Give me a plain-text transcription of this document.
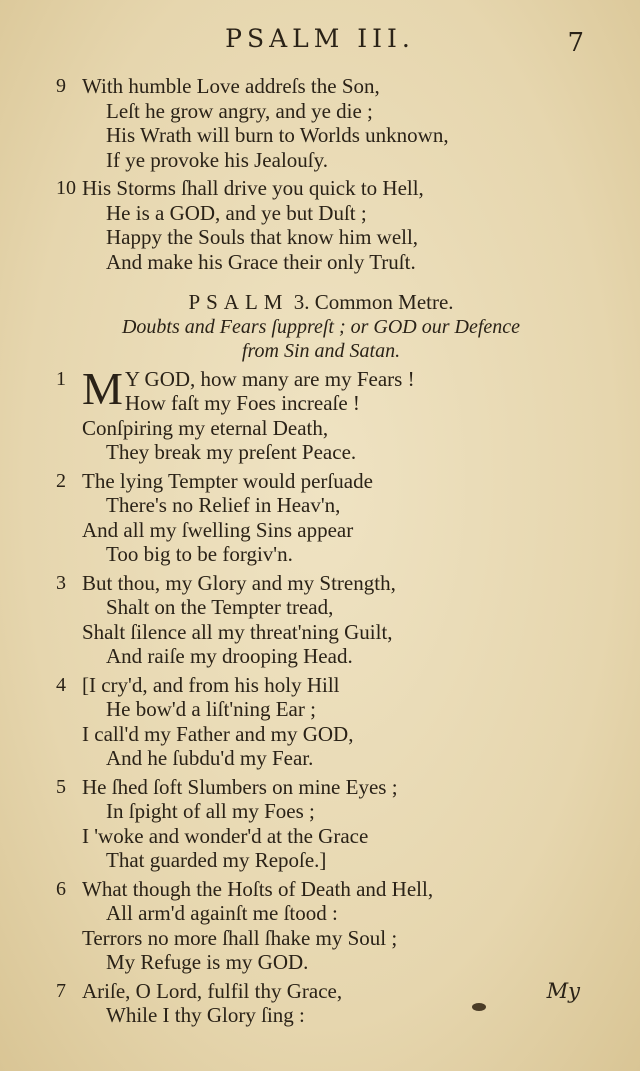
PSALM III.	7
9 With humble Love addreſs the Son,
Leſt he grow angry, and ye die ;
His Wrath will burn to Worlds unknown,
If ye provoke his Jealouſy.
10 His Storms ſhall drive you quick to Hell,
He is a GOD, and ye but Duſt ;
Happy the Souls that know him well,
And make his Grace their only Truſt.
PSALM 3. Common Metre.
Doubts and Fears ſuppreſt ; or GOD our Defence
from Sin and Satan.
1 M Y GOD, how many are my Fears !
How faſt my Foes increaſe !
Conſpiring my eternal Death,
They break my preſent Peace.
2 The lying Tempter would perſuade
There's no Relief in Heav'n,
And all my ſwelling Sins appear
Too big to be forgiv'n.
3 But thou, my Glory and my Strength,
Shalt on the Tempter tread,
Shalt ſilence all my threat'ning Guilt,
And raiſe my drooping Head.
4 [I cry'd, and from his holy Hill
He bow'd a liſt'ning Ear ;
I call'd my Father and my GOD,
And he ſubdu'd my Fear.
5 He ſhed ſoft Slumbers on mine Eyes ;
In ſpight of all my Foes ;
I 'woke and wonder'd at the Grace
That guarded my Repoſe.]
6 What though the Hoſts of Death and Hell,
All arm'd againſt me ſtood :
Terrors no more ſhall ſhake my Soul ;
My Refuge is my GOD.
7 Ariſe, O Lord, fulfil thy Grace,
While I thy Glory ſing :
My
